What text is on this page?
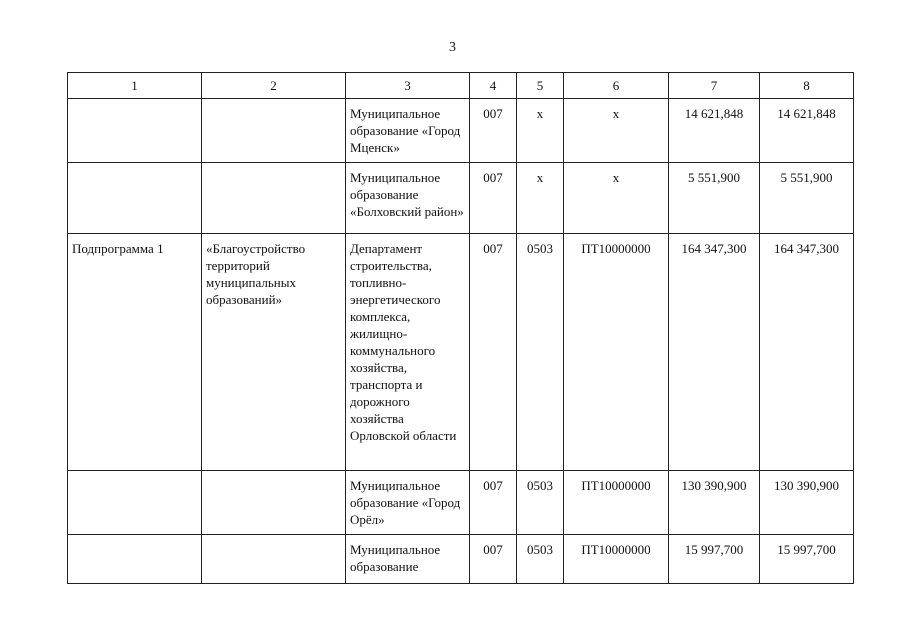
3
1	2	3	4	5	6	7	8
		Муниципальное образование «Город Мценск»	007	x	x	14 621,848	14 621,848
		Муниципальное образование «Болховский район»	007	x	x	5 551,900	5 551,900
Подпрограмма 1	«Благоустройство территорий муниципальных образований»	Департамент строительства, топливно-энергетического комплекса, жилищно-коммунального хозяйства, транспорта и дорожного хозяйства Орловской области	007	0503	ПТ10000000	164 347,300	164 347,300
		Муниципальное образование «Город Орёл»	007	0503	ПТ10000000	130 390,900	130 390,900
		Муниципальное образование	007	0503	ПТ10000000	15 997,700	15 997,700
